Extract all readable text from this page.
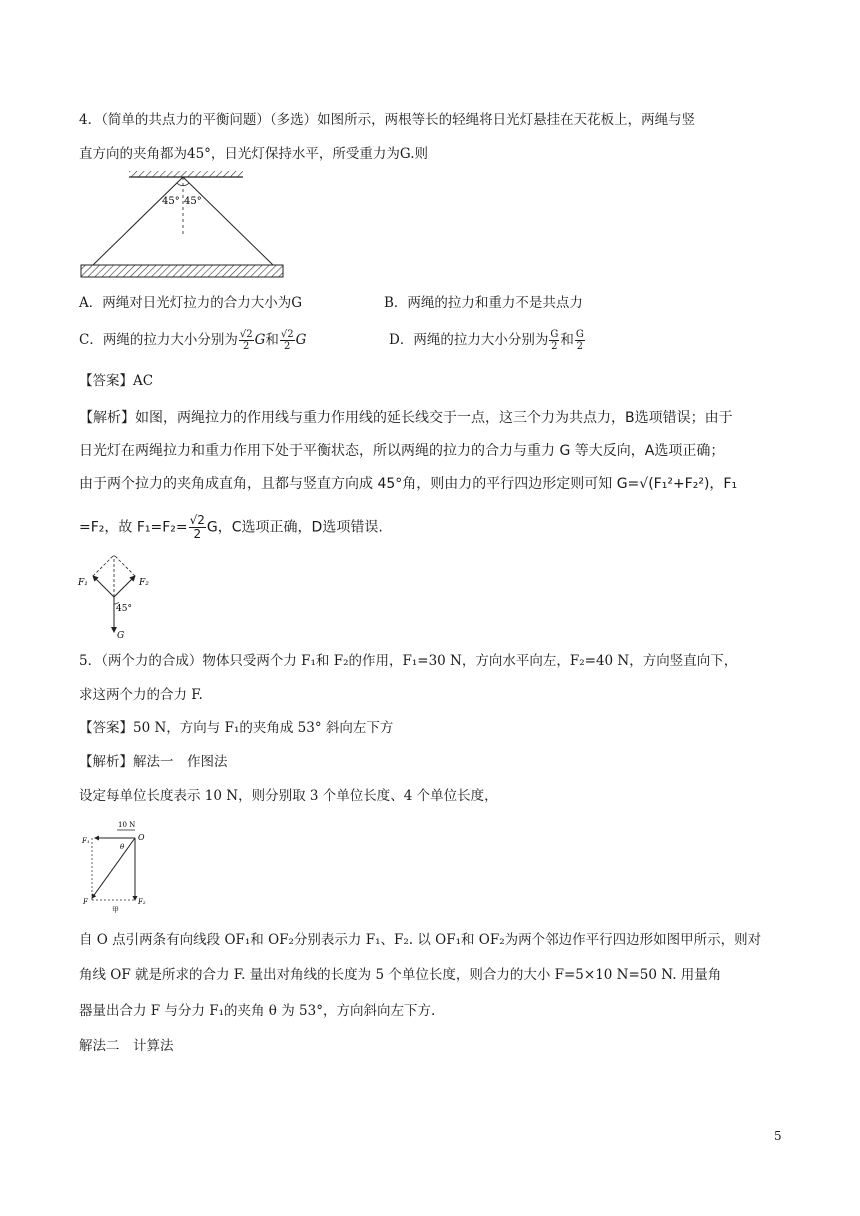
4．（简单的共点力的平衡问题）（多选）如图所示，两根等长的轻绳将日光灯悬挂在天花板上，两绳与竖
直方向的夹角都为45°，日光灯保持水平，所受重力为G.则
45° 45°
A．两绳对日光灯拉力的合力大小为G	B．两绳的拉力和重力不是共点力
C．两绳的拉力大小分别为 $\frac{√2}{2}$ G和 $\frac{√2}{2}$ G	D．两绳的拉力大小分别为 $\frac{G}{2}$ 和 $\frac{G}{2}$
【答案】AC
【解析】如图，两绳拉力的作用线与重力作用线的延长线交于一点，这三个力为共点力，B选项错误；由于
日光灯在两绳拉力和重力作用下处于平衡状态，所以两绳的拉力的合力与重力 G 等大反向，A选项正确；
由于两个拉力的夹角成直角，且都与竖直方向成 45°角，则由力的平行四边形定则可知 G=√(F₁²+F₂²)，F₁
=F₂，故 $F_1=F_2= \frac{√2}{2}$ G，C选项正确，D选项错误.
F₁	F₂
45°
G
5．（两个力的合成）物体只受两个力 F₁和 F₂的作用，F₁=30 N，方向水平向左，F₂=40 N，方向竖直向下，
求这两个力的合力 F.
【答案】50 N，方向与 F₁的夹角成 53° 斜向左下方
【解析】解法一　作图法
设定每单位长度表示 10 N，则分别取 3 个单位长度、4 个单位长度，
10 N
O
F₁
θ
F	F₂
甲
自 O 点引两条有向线段 OF₁和 OF₂分别表示力 F₁、F₂. 以 OF₁和 OF₂为两个邻边作平行四边形如图甲所示，则对
角线 OF 就是所求的合力 F. 量出对角线的长度为 5 个单位长度，则合力的大小 F=5×10 N=50 N. 用量角
器量出合力 F 与分力 F₁的夹角 θ 为 53°，方向斜向左下方.
解法二　计算法
5
